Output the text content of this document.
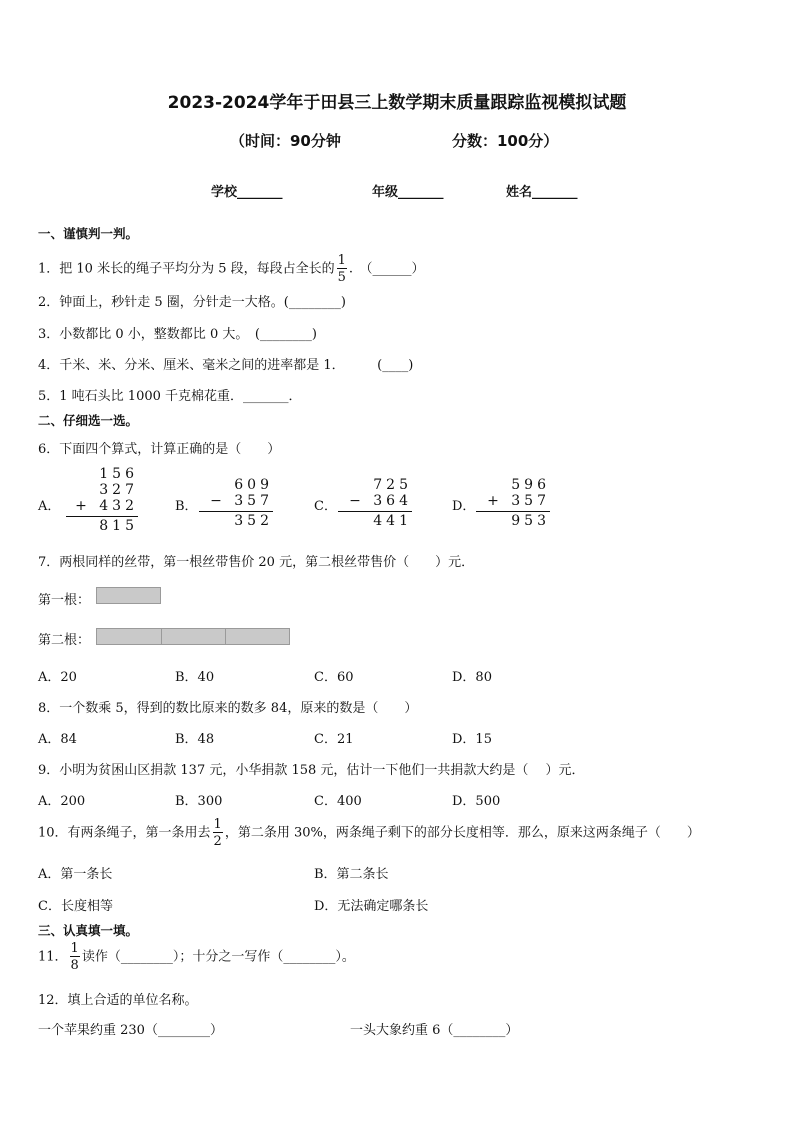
2023-2024学年于田县三上数学期末质量跟踪监视模拟试题
（时间：90分钟	分数：100分）
学校_______	年级_______	姓名_______
一、谨慎判一判。
1．把 10 米长的绳子平均分为 5 段，每段占全长的 $\frac{1}{5}$ .　（______）
2．钟面上，秒针走 5 圈，分针走一大格。(________)
3．小数都比 0 小，整数都比 0 大。　(________)
4．千米、米、分米、厘米、毫米之间的进率都是 1．　　　(____)
5．1 吨石头比 1000 千克棉花重．_______．
二、仔细选一选。
6．下面四个算式，计算正确的是（　　）
A．
156
327
+ 432
815
B．
609
− 357
352
C．
725
− 364
441
D．
596
+ 357
953
7．两根同样的丝带，第一根丝带售价 20 元，第二根丝带售价（　　）元．
第一根：
第二根：
A．20	B．40	C．60	D．80
8．一个数乘 5，得到的数比原来的数多 84，原来的数是（　　）
A．84	B．48	C．21	D．15
9．小明为贫困山区捐款 137 元，小华捐款 158 元，估计一下他们一共捐款大约是（　 ）元．
A．200	B．300	C．400	D．500
10．有两条绳子，第一条用去 $\frac{1}{2}$ ，第二条用 30%，两条绳子剩下的部分长度相等．那么，原来这两条绳子（　　）
A．第一条长	B．第二条长
C．长度相等	D．无法确定哪条长
三、认真填一填。
11． $\frac{1}{8}$ 读作（________）；十分之一写作（________）。
12．填上合适的单位名称。
一个苹果约重 230（________）	一头大象约重 6（________）
